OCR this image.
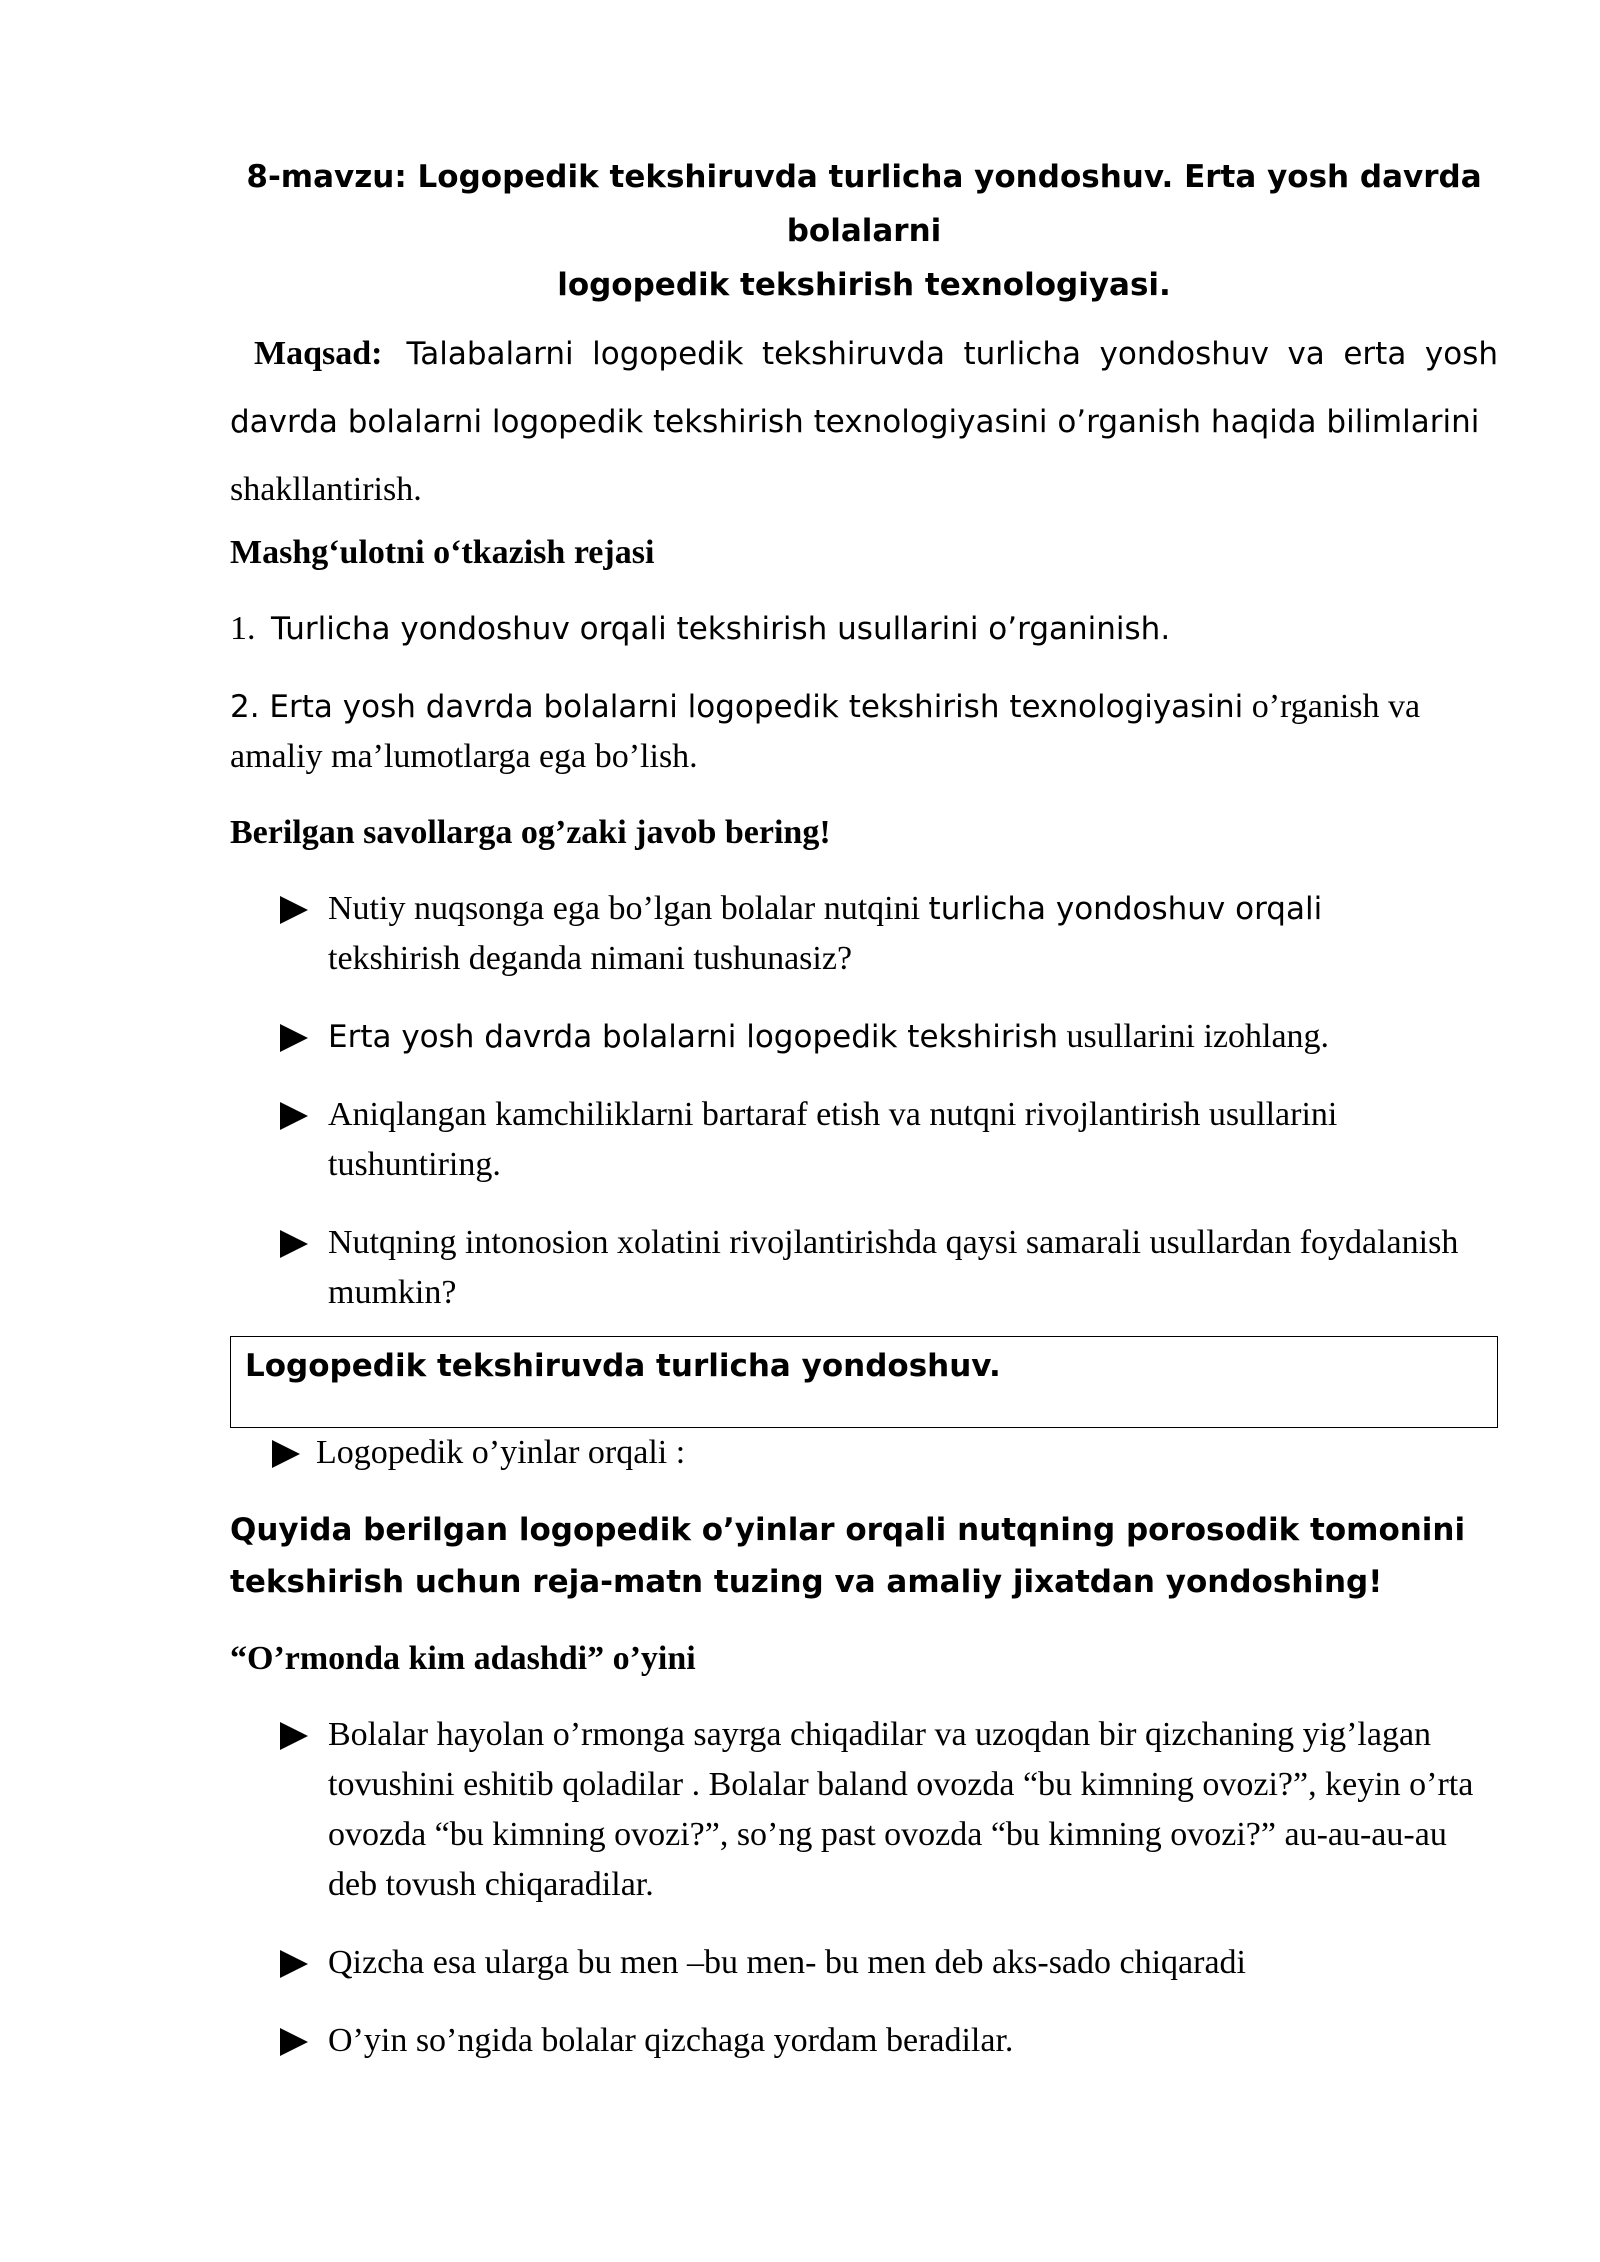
8-mavzu: Logopedik tekshiruvda turlicha yondoshuv. Erta yosh davrda bolalarni

logopedik tekshirish texnologiyasi.

Maqsad: Talabalarni logopedik tekshiruvda turlicha yondoshuv va erta yosh davrda bolalarni logopedik tekshirish texnologiyasini o’rganish haqida bilimlarini
shakllantirish.

Mashg‘ulotni o‘tkazish rejasi

1. Turlicha yondoshuv orqali tekshirish usullarini o’rganinish.

2. Erta yosh davrda bolalarni logopedik tekshirish texnologiyasini o’rganish va
amaliy ma’lumotlarga ega bo’lish.

Berilgan savollarga og’zaki javob bering!

Nutiy nuqsonga ega bo’lgan bolalar nutqini turlicha yondoshuv orqali
tekshirish deganda nimani tushunasiz?
Erta yosh davrda bolalarni logopedik tekshirish usullarini izohlang.
Aniqlangan kamchiliklarni bartaraf etish va nutqni rivojlantirish usullarini tushuntiring.
Nutqning intonosion xolatini rivojlantirishda qaysi samarali usullardan foydalanish mumkin?
Logopedik tekshiruvda turlicha yondoshuv.
Logopedik o’yinlar orqali :

Quyida berilgan logopedik o’yinlar orqali nutqning porosodik tomonini

tekshirish uchun reja-matn tuzing va amaliy jixatdan yondoshing!

“O’rmonda kim adashdi” o’yini

Bolalar hayolan o’rmonga sayrga chiqadilar va uzoqdan bir qizchaning yig’lagan tovushini eshitib qoladilar . Bolalar baland ovozda “bu kimning ovozi?”, keyin o’rta ovozda “bu kimning ovozi?”, so’ng past ovozda “bu kimning ovozi?” au-au-au-au deb tovush chiqaradilar.
Qizcha esa ularga bu men –bu men- bu men deb aks-sado chiqaradi
O’yin so’ngida bolalar qizchaga yordam beradilar.
